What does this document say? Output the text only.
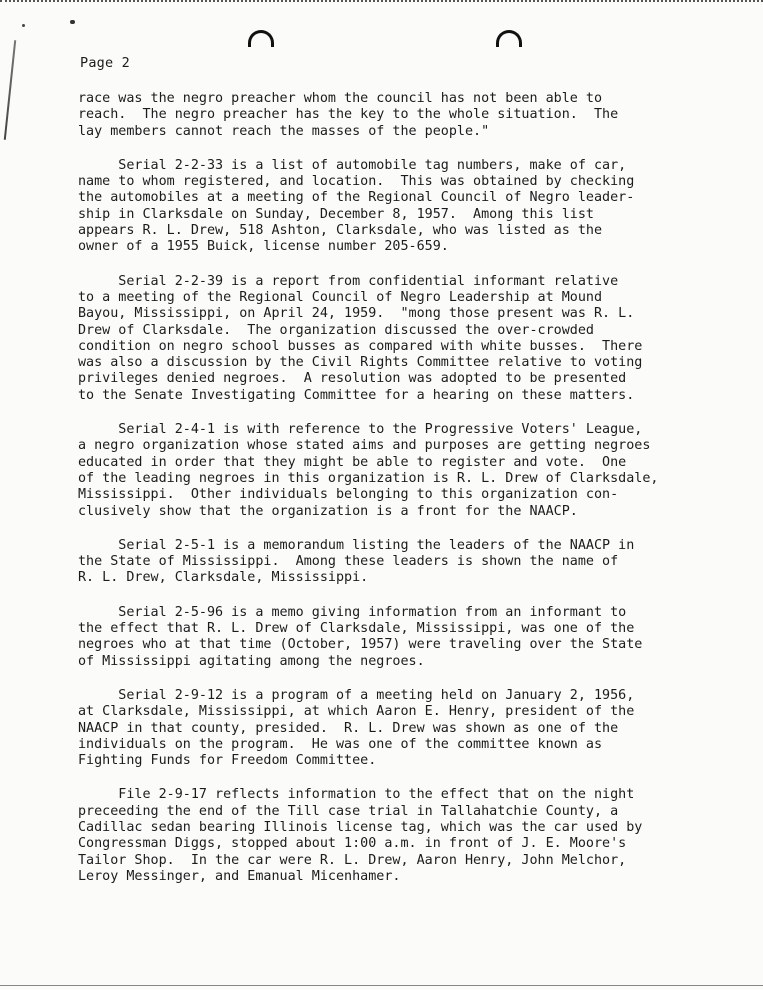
Page 2

race was the negro preacher whom the council has not been able to
reach.  The negro preacher has the key to the whole situation.  The
lay members cannot reach the masses of the people."

Serial 2-2-33 is a list of automobile tag numbers, make of car,
name to whom registered, and location.  This was obtained by checking
the automobiles at a meeting of the Regional Council of Negro leader-
ship in Clarksdale on Sunday, December 8, 1957.  Among this list
appears R. L. Drew, 518 Ashton, Clarksdale, who was listed as the
owner of a 1955 Buick, license number 205-659.

Serial 2-2-39 is a report from confidential informant relative
to a meeting of the Regional Council of Negro Leadership at Mound
Bayou, Mississippi, on April 24, 1959.  "mong those present was R. L.
Drew of Clarksdale.  The organization discussed the over-crowded
condition on negro school busses as compared with white busses.  There
was also a discussion by the Civil Rights Committee relative to voting
privileges denied negroes.  A resolution was adopted to be presented
to the Senate Investigating Committee for a hearing on these matters.

Serial 2-4-1 is with reference to the Progressive Voters' League,
a negro organization whose stated aims and purposes are getting negroes
educated in order that they might be able to register and vote.  One
of the leading negroes in this organization is R. L. Drew of Clarksdale,
Mississippi.  Other individuals belonging to this organization con-
clusively show that the organization is a front for the NAACP.

Serial 2-5-1 is a memorandum listing the leaders of the NAACP in
the State of Mississippi.  Among these leaders is shown the name of
R. L. Drew, Clarksdale, Mississippi.

Serial 2-5-96 is a memo giving information from an informant to
the effect that R. L. Drew of Clarksdale, Mississippi, was one of the
negroes who at that time (October, 1957) were traveling over the State
of Mississippi agitating among the negroes.

Serial 2-9-12 is a program of a meeting held on January 2, 1956,
at Clarksdale, Mississippi, at which Aaron E. Henry, president of the
NAACP in that county, presided.  R. L. Drew was shown as one of the
individuals on the program.  He was one of the committee known as
Fighting Funds for Freedom Committee.

File 2-9-17 reflects information to the effect that on the night
preceeding the end of the Till case trial in Tallahatchie County, a
Cadillac sedan bearing Illinois license tag, which was the car used by
Congressman Diggs, stopped about 1:00 a.m. in front of J. E. Moore's
Tailor Shop.  In the car were R. L. Drew, Aaron Henry, John Melchor,
Leroy Messinger, and Emanual Micenhamer.
